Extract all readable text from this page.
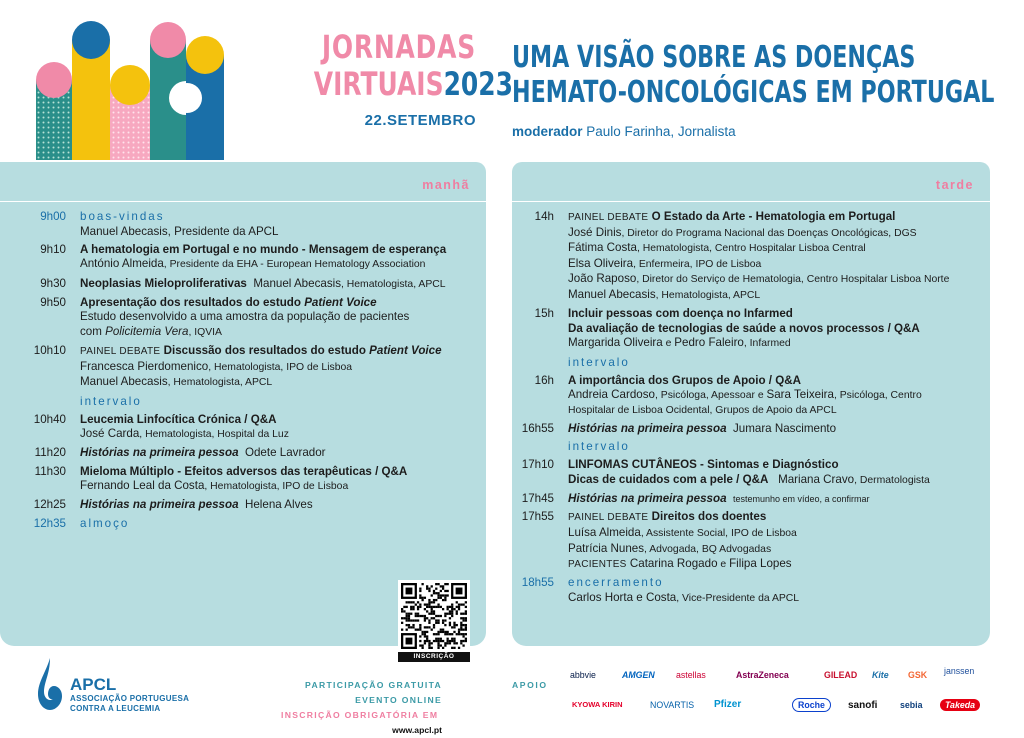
JORNADAS
VIRTUAIS2023
22.SETEMBRO
UMA VISÃO SOBRE AS DOENÇAS
HEMATO-ONCOLÓGICAS EM PORTUGAL
moderador Paulo Farinha, Jornalista
manhã
9h00	boas-vindas
Manuel Abecasis, Presidente da APCL
9h10	A hematologia em Portugal e no mundo - Mensagem de esperança
António Almeida, Presidente da EHA - European Hematology Association
9h30	Neoplasias Mieloproliferativas Manuel Abecasis, Hematologista, APCL
9h50	Apresentação dos resultados do estudo Patient Voice
Estudo desenvolvido a uma amostra da população de pacientes
com Policitemia Vera, IQVIA
10h10	PAINEL DEBATE Discussão dos resultados do estudo Patient Voice
Francesca Pierdomenico, Hematologista, IPO de Lisboa
Manuel Abecasis, Hematologista, APCL
intervalo
10h40	Leucemia Linfocítica Crónica / Q&A
José Carda, Hematologista, Hospital da Luz
11h20	Histórias na primeira pessoa Odete Lavrador
11h30	Mieloma Múltiplo - Efeitos adversos das terapêuticas / Q&A
Fernando Leal da Costa, Hematologista, IPO de Lisboa
12h25	Histórias na primeira pessoa Helena Alves
12h35	almoço
INSCRIÇÃO
tarde
14h	PAINEL DEBATE O Estado da Arte - Hematologia em Portugal
José Dinis, Diretor do Programa Nacional das Doenças Oncológicas, DGS
Fátima Costa, Hematologista, Centro Hospitalar Lisboa Central
Elsa Oliveira, Enfermeira, IPO de Lisboa
João Raposo, Diretor do Serviço de Hematologia, Centro Hospitalar Lisboa Norte
Manuel Abecasis, Hematologista, APCL
15h	Incluir pessoas com doença no Infarmed
Da avaliação de tecnologias de saúde a novos processos / Q&A
Margarida Oliveira e Pedro Faleiro, Infarmed
intervalo
16h	A importância dos Grupos de Apoio / Q&A
Andreia Cardoso, Psicóloga, Apessoar e Sara Teixeira, Psicóloga, Centro
Hospitalar de Lisboa Ocidental, Grupos de Apoio da APCL
16h55	Histórias na primeira pessoa Jumara Nascimento
intervalo
17h10	LINFOMAS CUTÂNEOS - Sintomas e Diagnóstico
Dicas de cuidados com a pele / Q&A Mariana Cravo, Dermatologista
17h45	Histórias na primeira pessoa testemunho em vídeo, a confirmar
17h55	PAINEL DEBATE Direitos dos doentes
Luísa Almeida, Assistente Social, IPO de Lisboa
Patrícia Nunes, Advogada, BQ Advogadas
PACIENTES Catarina Rogado e Filipa Lopes
18h55	encerramento
Carlos Horta e Costa, Vice-Presidente da APCL
APCL
ASSOCIAÇÃO PORTUGUESA
CONTRA A LEUCEMIA
PARTICIPAÇÃO GRATUITA EVENTO ONLINE
INSCRIÇÃO OBRIGATÓRIA EM  www.apcl.pt
APOIO
abbvie	AMGEN astellas	AstraZeneca	GILEAD Kite GSK janssen
KYOWA KIRIN	NOVARTIS Pfizer	Roche	sanofi	sebia	Takeda
